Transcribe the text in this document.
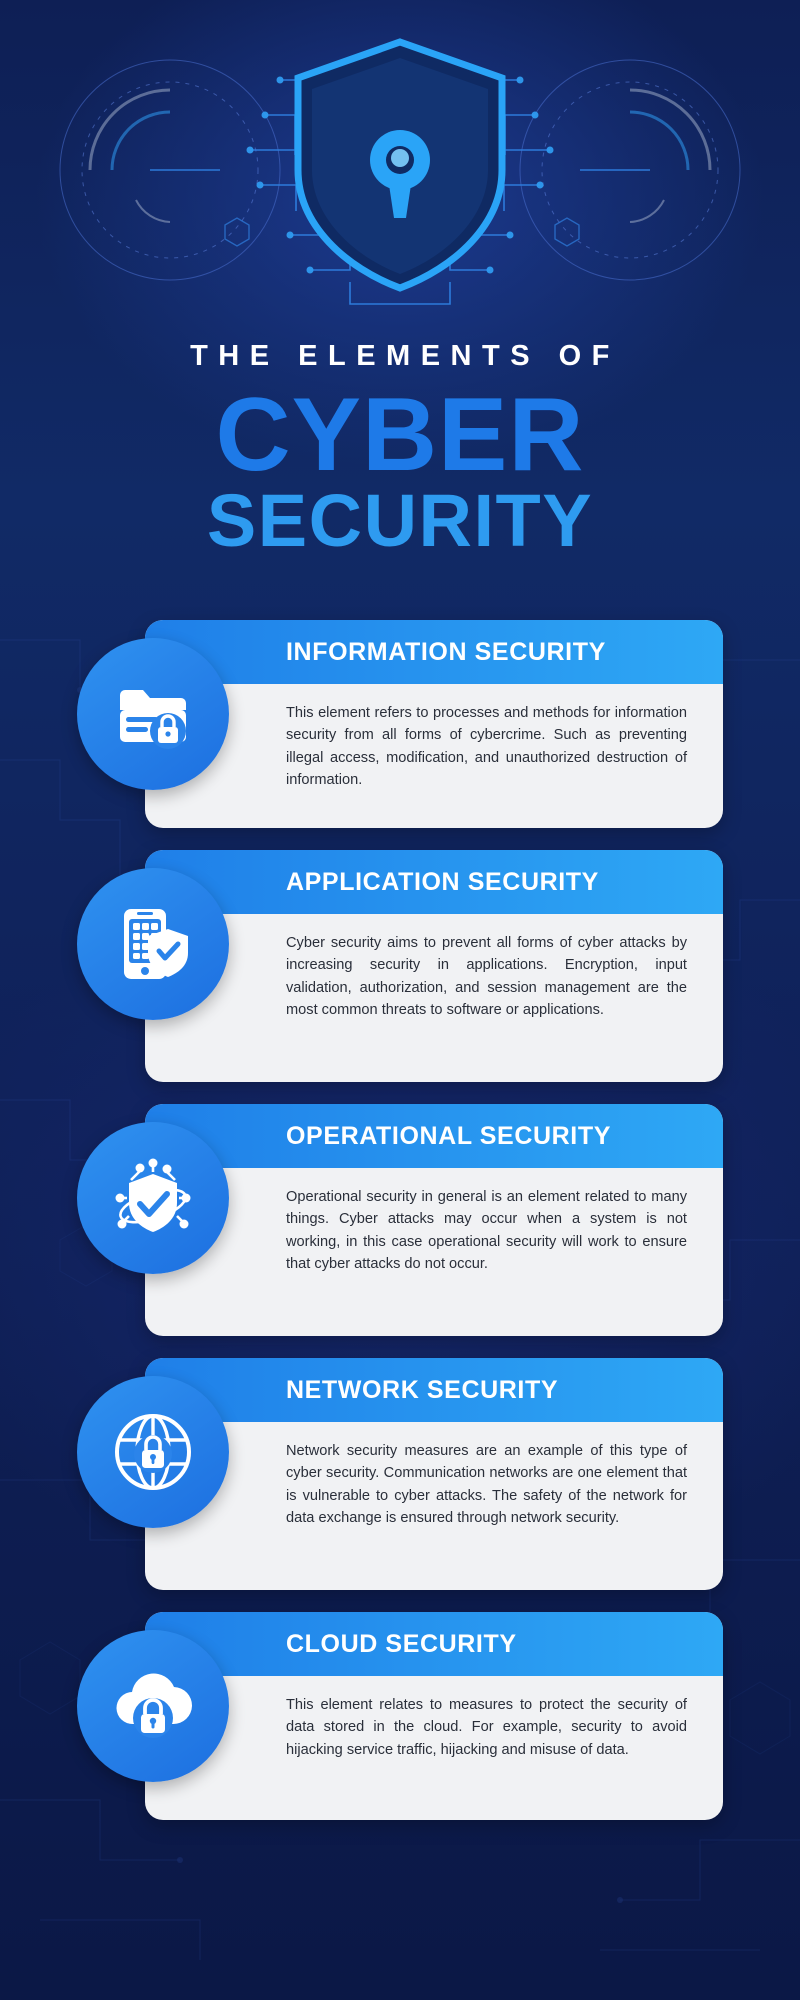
THE ELEMENTS OF
CYBER
SECURITY
INFORMATION SECURITY

This element refers to processes and methods for information security from all forms of cybercrime. Such as preventing illegal access, modification, and unauthorized destruction of information.

APPLICATION SECURITY

Cyber security aims to prevent all forms of cyber attacks by increasing security in applications. Encryption, input validation, authorization, and session management are the most common threats to software or applications.

OPERATIONAL SECURITY

Operational security in general is an element related to many things. Cyber attacks may occur when a system is not working, in this case operational security will work to ensure that cyber attacks do not occur.

NETWORK SECURITY

Network security measures are an example of this type of cyber security. Communication networks are one element that is vulnerable to cyber attacks. The safety of the network for data exchange is ensured through network security.

CLOUD SECURITY

This element relates to measures to protect the security of data stored in the cloud. For example, security to avoid hijacking service traffic, hijacking and misuse of data.
